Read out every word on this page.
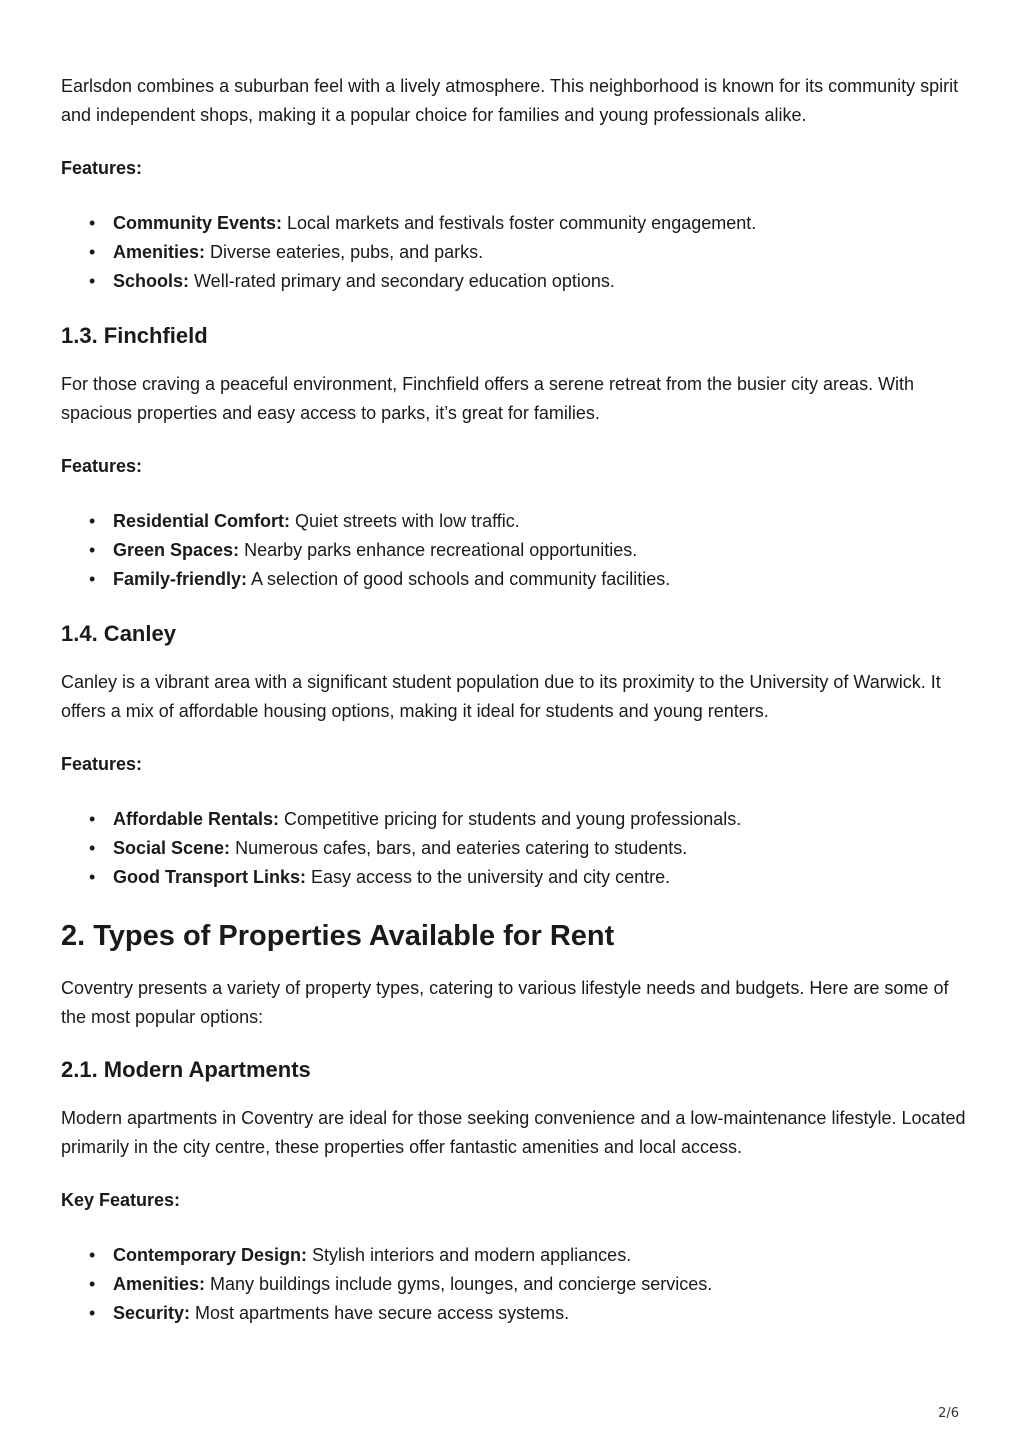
Earlsdon combines a suburban feel with a lively atmosphere. This neighborhood is known for its community spirit and independent shops, making it a popular choice for families and young professionals alike.

Features:

• Community Events: Local markets and festivals foster community engagement.
• Amenities: Diverse eateries, pubs, and parks.
• Schools: Well-rated primary and secondary education options.
1.3. Finchfield

For those craving a peaceful environment, Finchfield offers a serene retreat from the busier city areas. With spacious properties and easy access to parks, it’s great for families.

Features:

• Residential Comfort: Quiet streets with low traffic.
• Green Spaces: Nearby parks enhance recreational opportunities.
• Family-friendly: A selection of good schools and community facilities.
1.4. Canley

Canley is a vibrant area with a significant student population due to its proximity to the University of Warwick. It offers a mix of affordable housing options, making it ideal for students and young renters.

Features:

• Affordable Rentals: Competitive pricing for students and young professionals.
• Social Scene: Numerous cafes, bars, and eateries catering to students.
• Good Transport Links: Easy access to the university and city centre.
2. Types of Properties Available for Rent

Coventry presents a variety of property types, catering to various lifestyle needs and budgets. Here are some of the most popular options:

2.1. Modern Apartments

Modern apartments in Coventry are ideal for those seeking convenience and a low-maintenance lifestyle. Located primarily in the city centre, these properties offer fantastic amenities and local access.

Key Features:

• Contemporary Design: Stylish interiors and modern appliances.
• Amenities: Many buildings include gyms, lounges, and concierge services.
• Security: Most apartments have secure access systems.
2/6
